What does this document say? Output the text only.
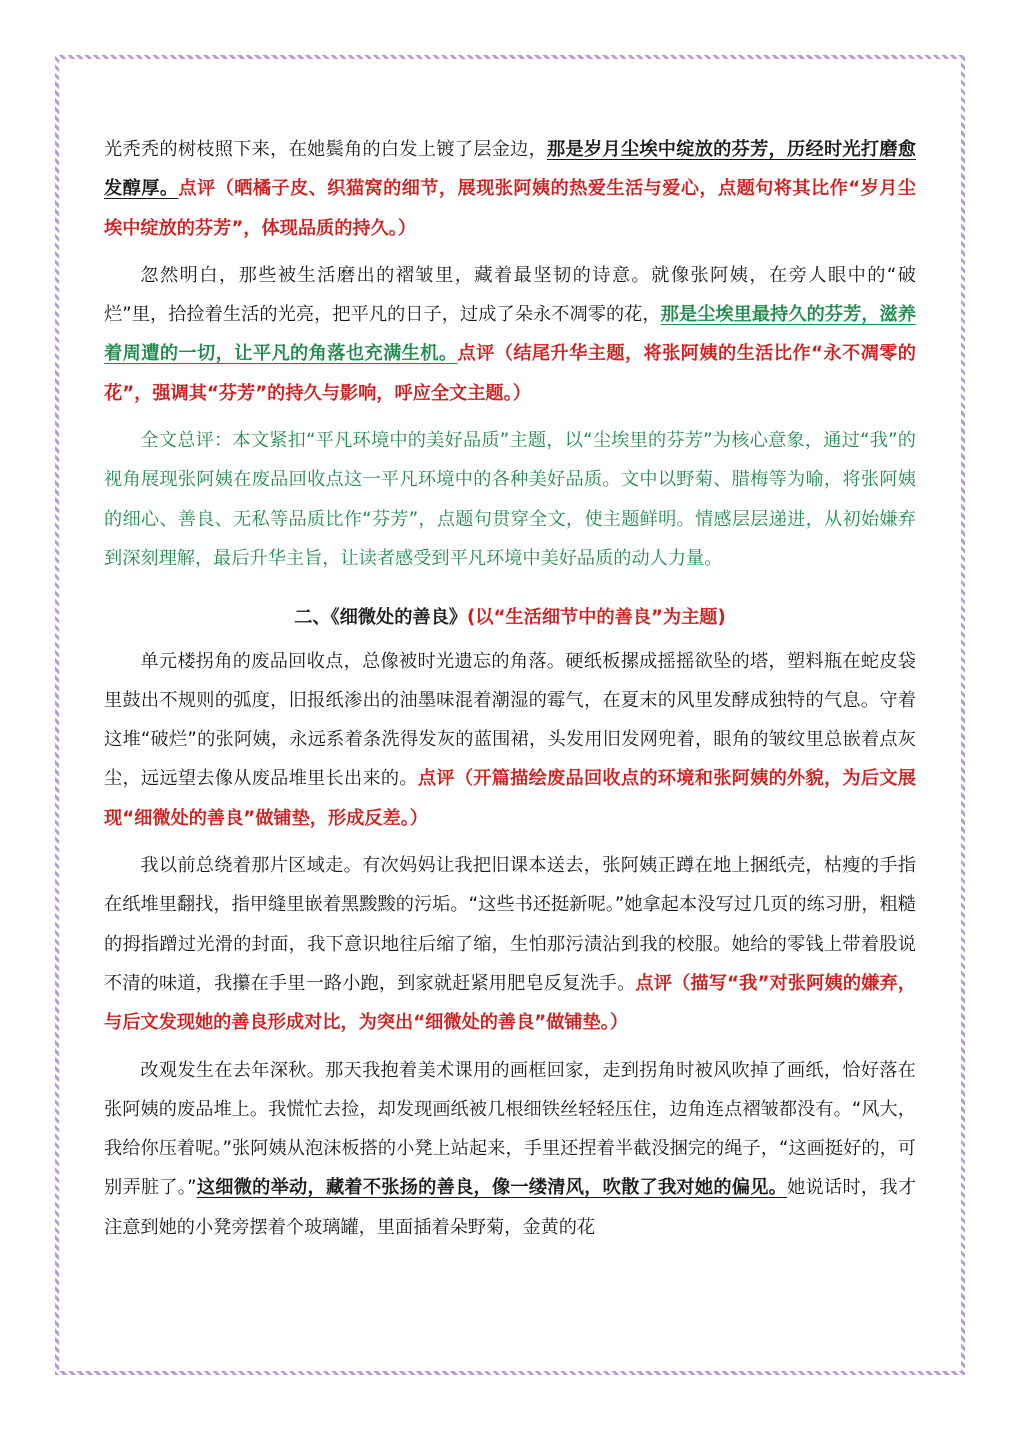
光秃秃的树枝照下来，在她鬓角的白发上镀了层金边，那是岁月尘埃中绽放的芬芳，历经时光打磨愈发醇厚。点评（晒橘子皮、织猫窝的细节，展现张阿姨的热爱生活与爱心，点题句将其比作“岁月尘埃中绽放的芬芳”，体现品质的持久。）

忽然明白，那些被生活磨出的褶皱里，藏着最坚韧的诗意。就像张阿姨，在旁人眼中的“破烂”里，拾捡着生活的光亮，把平凡的日子，过成了朵永不凋零的花，那是尘埃里最持久的芬芳，滋养着周遭的一切，让平凡的角落也充满生机。点评（结尾升华主题，将张阿姨的生活比作“永不凋零的花”，强调其“芬芳”的持久与影响，呼应全文主题。）

全文总评：本文紧扣“平凡环境中的美好品质”主题，以“尘埃里的芬芳”为核心意象，通过“我”的视角展现张阿姨在废品回收点这一平凡环境中的各种美好品质。文中以野菊、腊梅等为喻，将张阿姨的细心、善良、无私等品质比作“芬芳”，点题句贯穿全文，使主题鲜明。情感层层递进，从初始嫌弃到深刻理解，最后升华主旨，让读者感受到平凡环境中美好品质的动人力量。

二、《细微处的善良》(以“生活细节中的善良”为主题)

单元楼拐角的废品回收点，总像被时光遗忘的角落。硬纸板摞成摇摇欲坠的塔，塑料瓶在蛇皮袋里鼓出不规则的弧度，旧报纸渗出的油墨味混着潮湿的霉气，在夏末的风里发酵成独特的气息。守着这堆“破烂”的张阿姨，永远系着条洗得发灰的蓝围裙，头发用旧发网兜着，眼角的皱纹里总嵌着点灰尘，远远望去像从废品堆里长出来的。点评（开篇描绘废品回收点的环境和张阿姨的外貌，为后文展现“细微处的善良”做铺垫，形成反差。）

我以前总绕着那片区域走。有次妈妈让我把旧课本送去，张阿姨正蹲在地上捆纸壳，枯瘦的手指在纸堆里翻找，指甲缝里嵌着黑黢黢的污垢。“这些书还挺新呢。”她拿起本没写过几页的练习册，粗糙的拇指蹭过光滑的封面，我下意识地往后缩了缩，生怕那污渍沾到我的校服。她给的零钱上带着股说不清的味道，我攥在手里一路小跑，到家就赶紧用肥皂反复洗手。点评（描写“我”对张阿姨的嫌弃，与后文发现她的善良形成对比，为突出“细微处的善良”做铺垫。）

改观发生在去年深秋。那天我抱着美术课用的画框回家，走到拐角时被风吹掉了画纸，恰好落在张阿姨的废品堆上。我慌忙去捡，却发现画纸被几根细铁丝轻轻压住，边角连点褶皱都没有。“风大，我给你压着呢。”张阿姨从泡沫板搭的小凳上站起来，手里还捏着半截没捆完的绳子，“这画挺好的，可别弄脏了。”这细微的举动，藏着不张扬的善良，像一缕清风，吹散了我对她的偏见。她说话时，我才注意到她的小凳旁摆着个玻璃罐，里面插着朵野菊，金黄的花
